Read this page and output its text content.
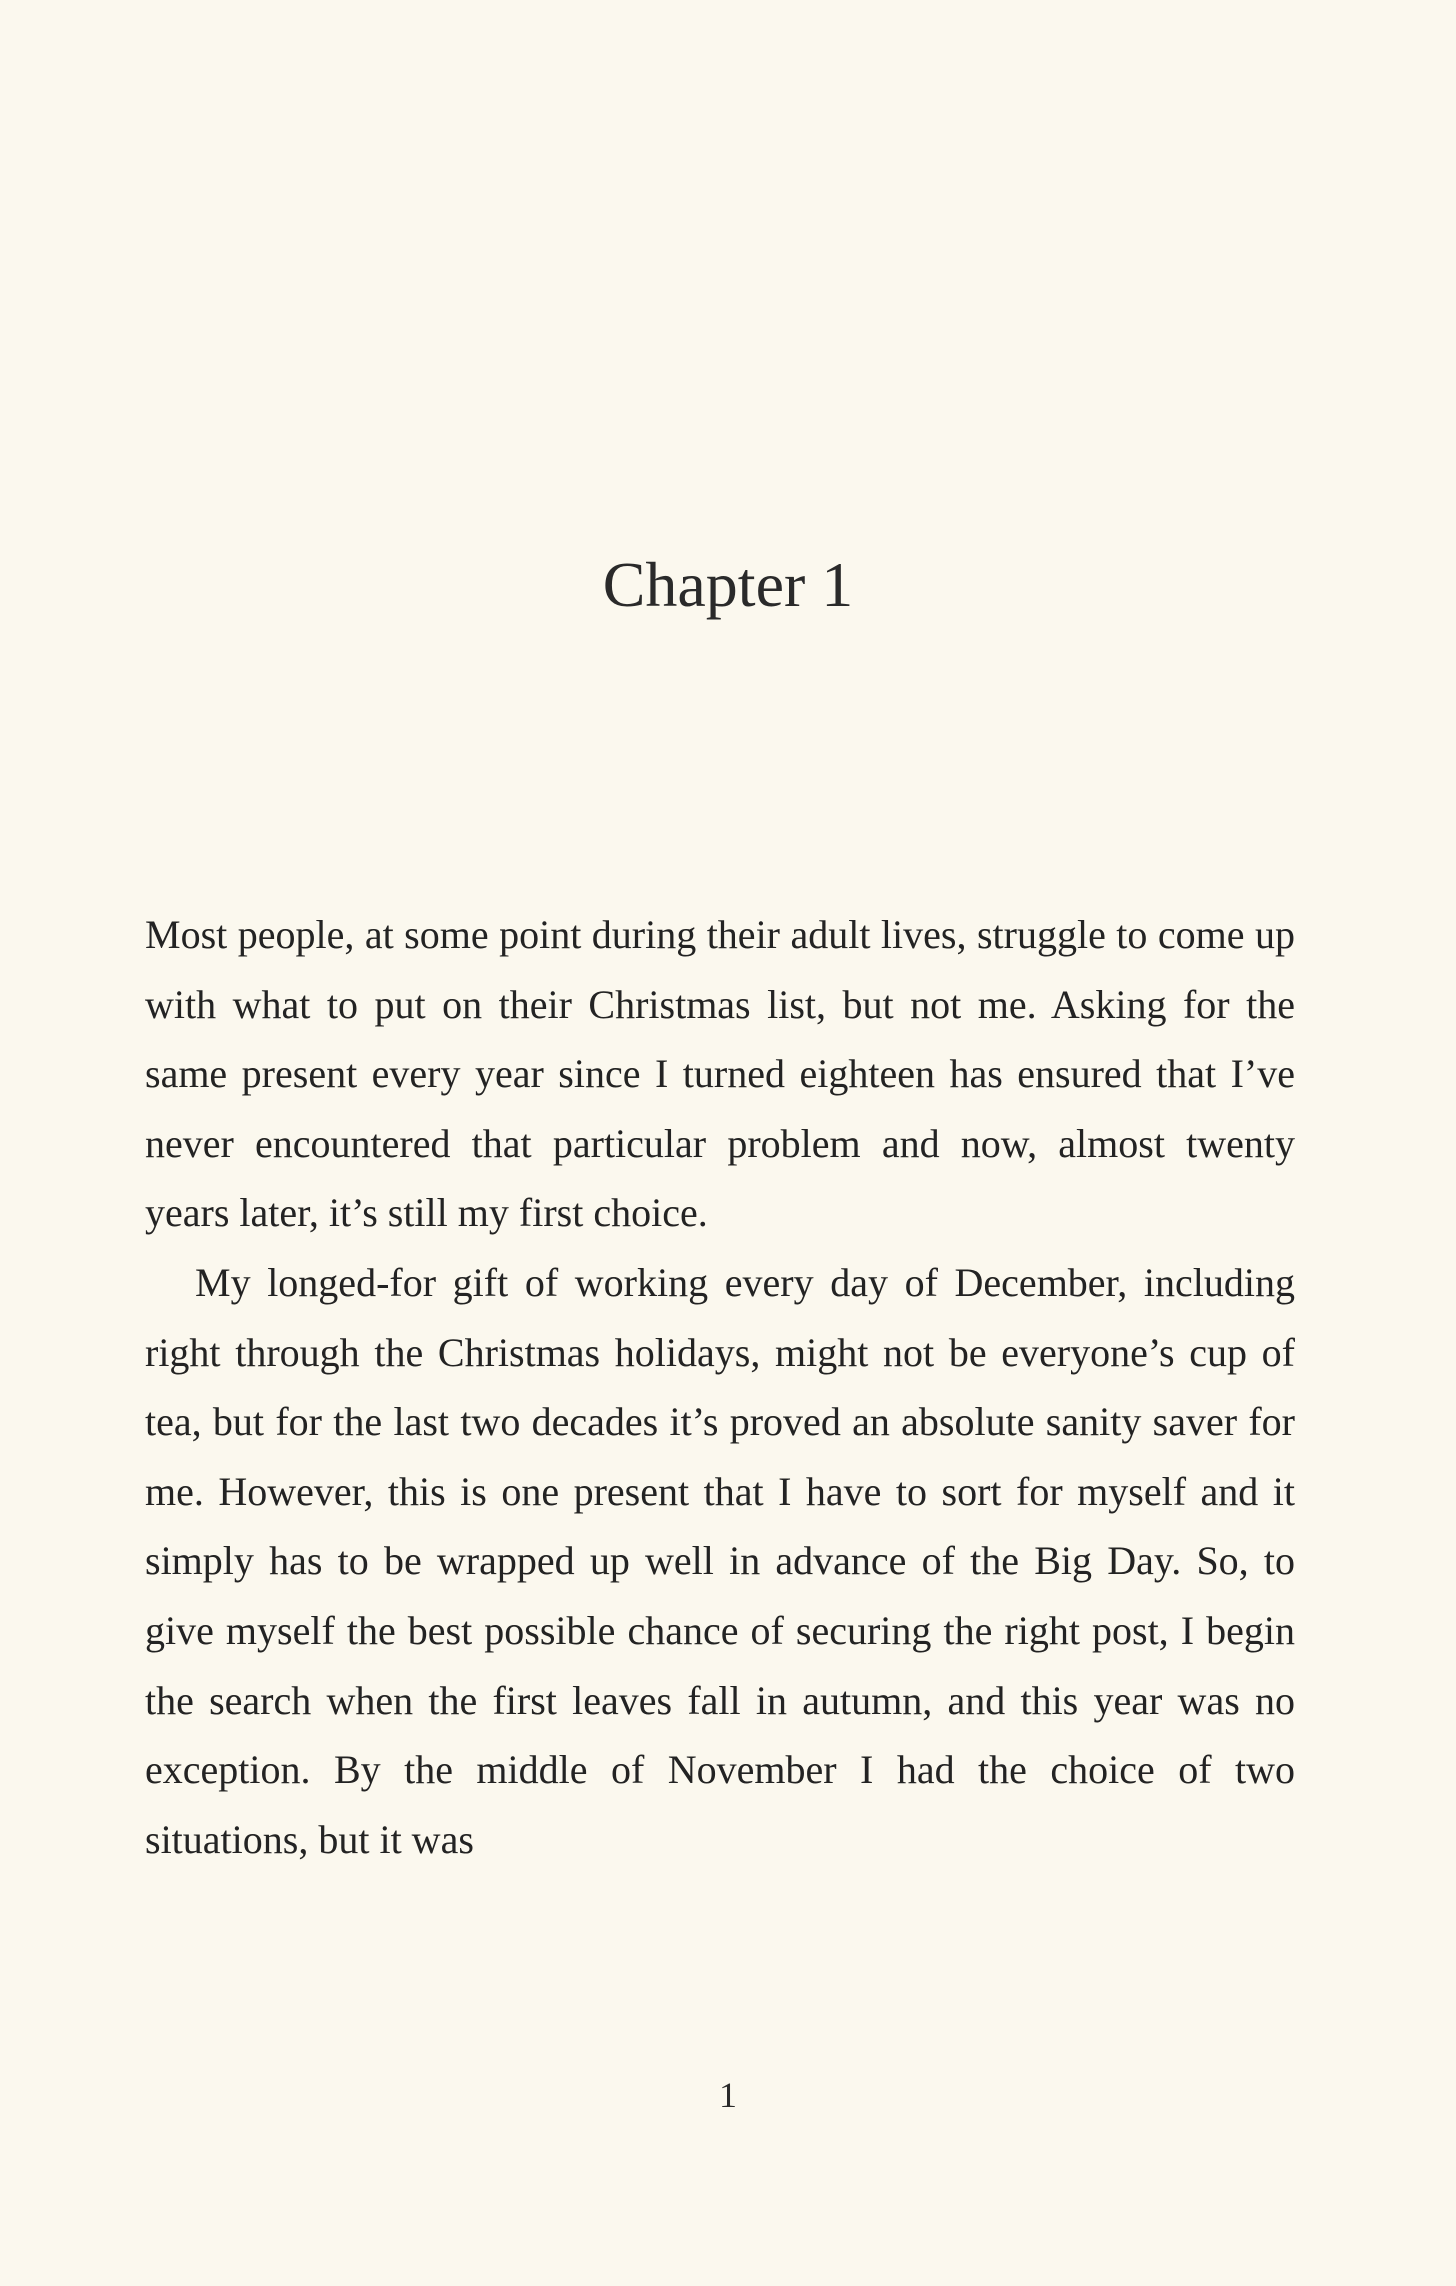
Chapter 1

Most people, at some point during their adult lives, struggle to come up with what to put on their Christmas list, but not me. Asking for the same present every year since I turned eighteen has ensured that I’ve never encountered that particular problem and now, almost twenty years later, it’s still my first choice.

My longed-for gift of working every day of December, including right through the Christmas holidays, might not be everyone’s cup of tea, but for the last two decades it’s proved an absolute sanity saver for me. However, this is one present that I have to sort for myself and it simply has to be wrapped up well in advance of the Big Day. So, to give myself the best possible chance of securing the right post, I begin the search when the first leaves fall in autumn, and this year was no exception. By the middle of November I had the choice of two situations, but it was

1
